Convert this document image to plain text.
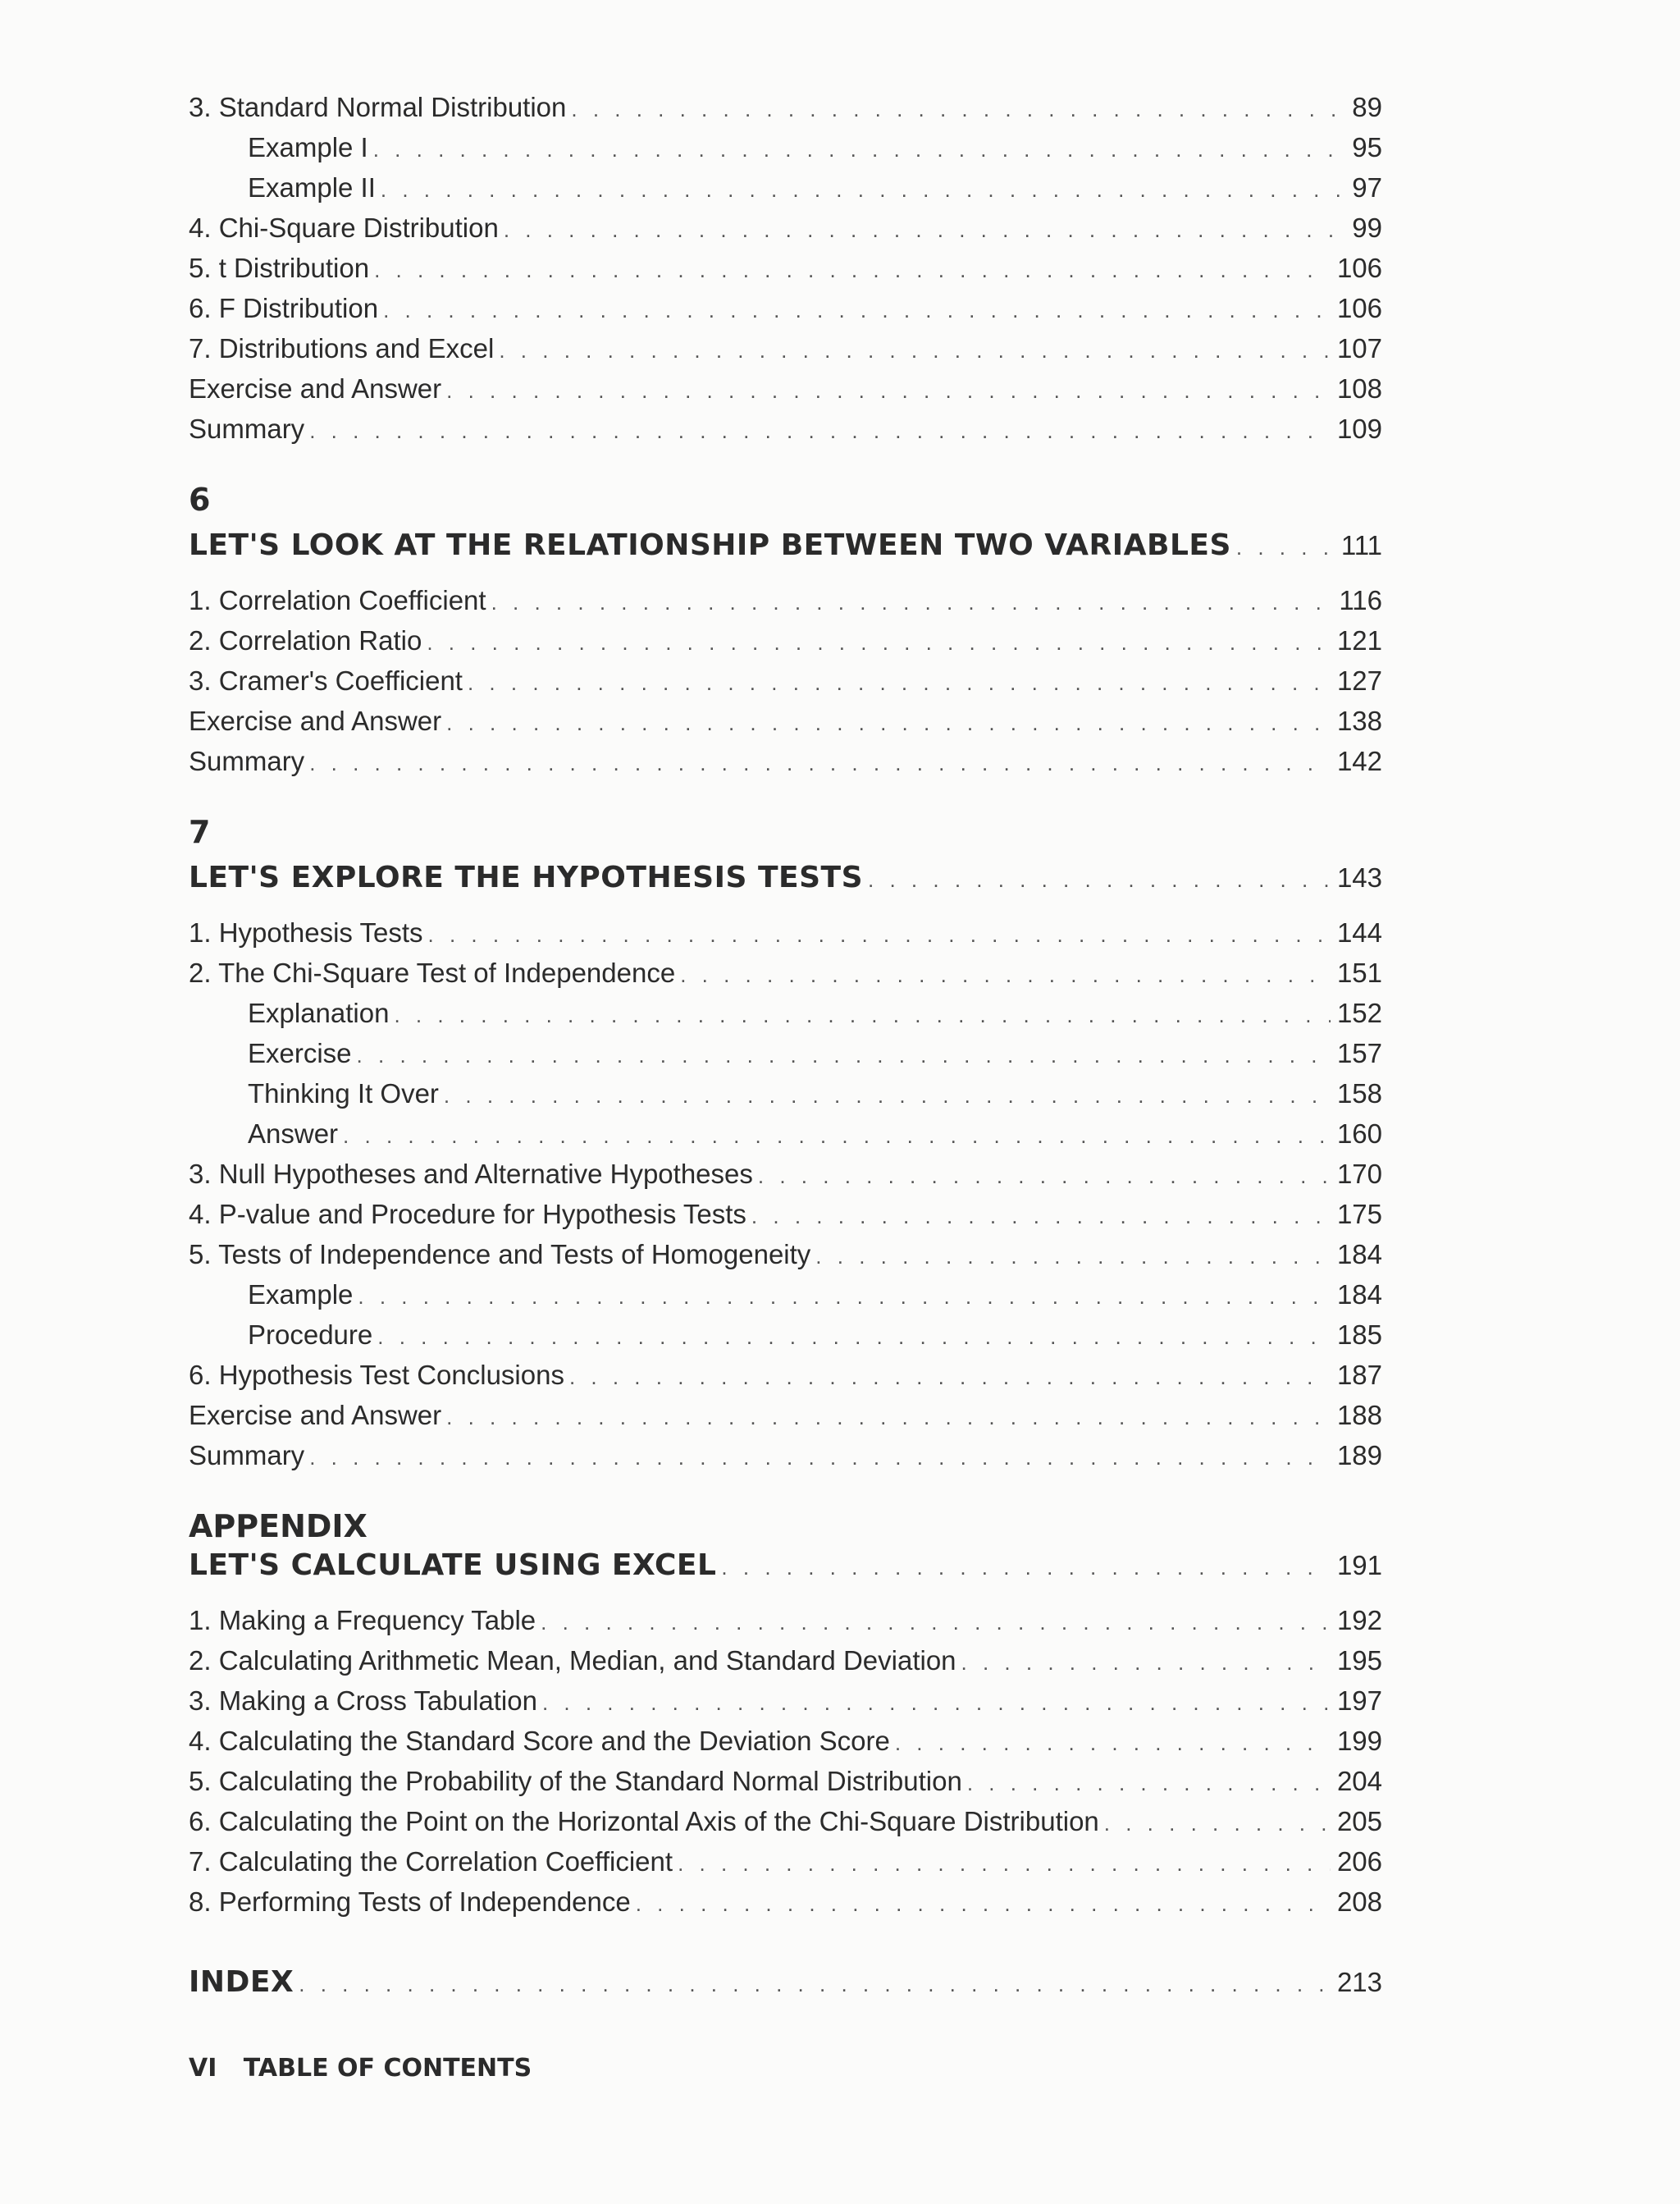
3. Standard Normal Distribution . . .	89
Example I . . .	95
Example II . . .	97
4. Chi-Square Distribution . . .	99
5. t Distribution . . .	106
6. F Distribution . . .	106
7. Distributions and Excel . . .	107
Exercise and Answer . . .	108
Summary . . .	109
6
LET'S LOOK AT THE RELATIONSHIP BETWEEN TWO VARIABLES . . .	111
1. Correlation Coefficient . . .	116
2. Correlation Ratio . . .	121
3. Cramer's Coefficient . . .	127
Exercise and Answer . . .	138
Summary . . .	142
7
LET'S EXPLORE THE HYPOTHESIS TESTS . . .	143
1. Hypothesis Tests . . .	144
2. The Chi-Square Test of Independence . . .	151
Explanation . . .	152
Exercise . . .	157
Thinking It Over . . .	158
Answer . . .	160
3. Null Hypotheses and Alternative Hypotheses . . .	170
4. P-value and Procedure for Hypothesis Tests . . .	175
5. Tests of Independence and Tests of Homogeneity . . .	184
Example . . .	184
Procedure . . .	185
6. Hypothesis Test Conclusions . . .	187
Exercise and Answer . . .	188
Summary . . .	189
APPENDIX
LET'S CALCULATE USING EXCEL . . .	191
1. Making a Frequency Table . . .	192
2. Calculating Arithmetic Mean, Median, and Standard Deviation . . .	195
3. Making a Cross Tabulation . . .	197
4. Calculating the Standard Score and the Deviation Score . . .	199
5. Calculating the Probability of the Standard Normal Distribution . . .	204
6. Calculating the Point on the Horizontal Axis of the Chi-Square Distribution . . .	205
7. Calculating the Correlation Coefficient . . .	206
8. Performing Tests of Independence . . .	208
INDEX . . .	213
VI TABLE OF CONTENTS
